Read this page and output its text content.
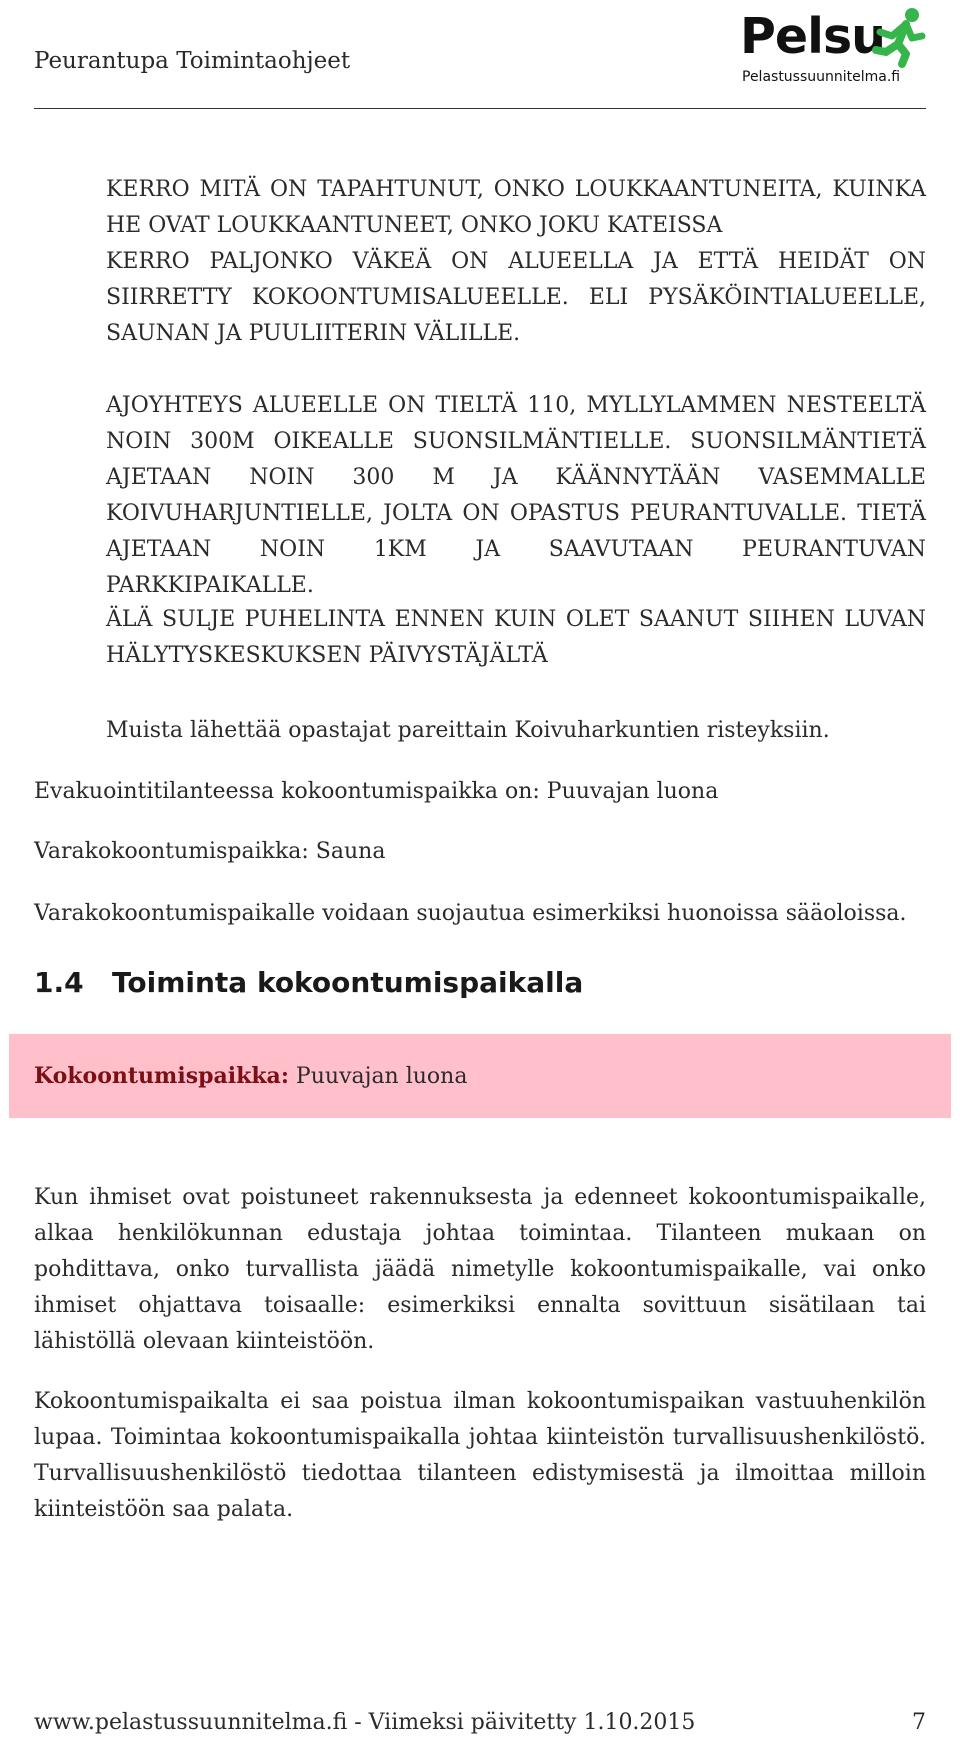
Peurantupa Toimintaohjeet	Pelsu
Pelastussuunnitelma.fi
KERRO MITÄ ON TAPAHTUNUT, ONKO LOUKKAANTUNEITA, KUINKA HE OVAT LOUKKAANTUNEET, ONKO JOKU KATEISSA
KERRO PALJONKO VÄKEÄ ON ALUEELLA JA ETTÄ HEIDÄT ON SIIRRETTY KOKOONTUMISALUEELLE. ELI PYSÄKÖINTIALUEELLE, SAUNAN JA PUULIITERIN VÄLILLE.
AJOYHTEYS ALUEELLE ON TIELTÄ 110, MYLLYLAMMEN NESTEELTÄ NOIN 300M OIKEALLE SUONSILMÄNTIELLE. SUONSILMÄNTIETÄ AJETAAN NOIN 300 M JA KÄÄNNYTÄÄN VASEMMALLE KOIVUHARJUNTIELLE, JOLTA ON OPASTUS PEURANTUVALLE. TIETÄ AJETAAN NOIN 1KM JA SAAVUTAAN PEURANTUVAN PARKKIPAIKALLE.
ÄLÄ SULJE PUHELINTA ENNEN KUIN OLET SAANUT SIIHEN LUVAN HÄLYTYSKESKUKSEN PÄIVYSTÄJÄLTÄ
Muista lähettää opastajat pareittain Koivuharkuntien risteyksiin.
Evakuointitilanteessa kokoontumispaikka on: Puuvajan luona
Varakokoontumispaikka: Sauna
Varakokoontumispaikalle voidaan suojautua esimerkiksi huonoissa sääoloissa.
1.4 Toiminta kokoontumispaikalla
Kun ihmiset ovat poistuneet rakennuksesta ja edenneet kokoontumispaikalle, alkaa henkilökunnan edustaja johtaa toimintaa. Tilanteen mukaan on pohdittava, onko turvallista jäädä nimetylle kokoontumispaikalle, vai onko ihmiset ohjattava toisaalle: esimerkiksi ennalta sovittuun sisätilaan tai lähistöllä olevaan kiinteistöön.
Kokoontumispaikalta ei saa poistua ilman kokoontumispaikan vastuuhenkilön lupaa. Toimintaa kokoontumispaikalla johtaa kiinteistön turvallisuushenkilöstö. Turvallisuushenkilöstö tiedottaa tilanteen edistymisestä ja ilmoittaa milloin kiinteistöön saa palata.
Kokoontumispaikka: Puuvajan luona
www.pelastussuunnitelma.fi - Viimeksi päivitetty 1.10.2015	7
